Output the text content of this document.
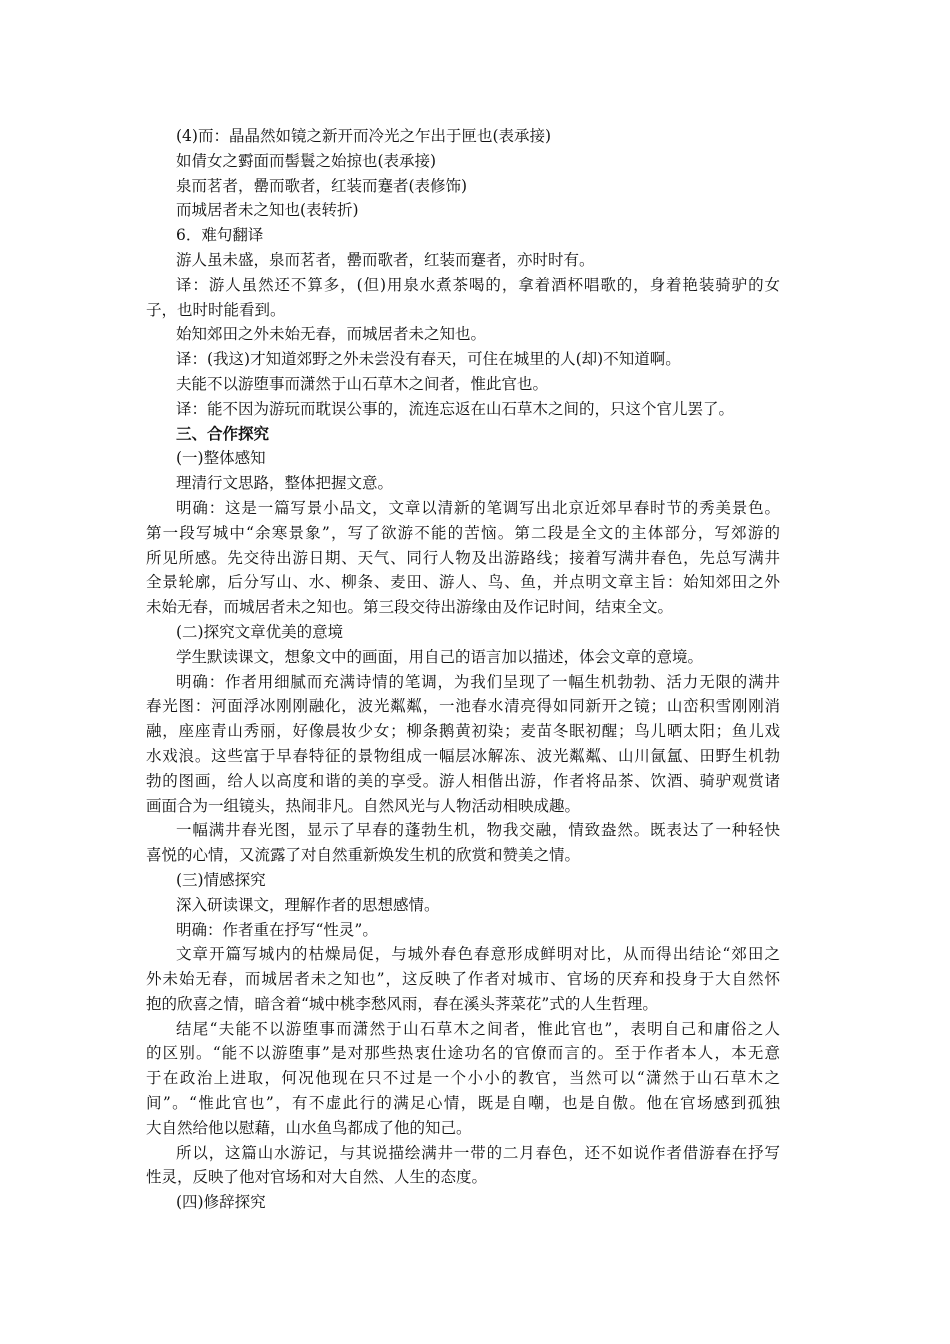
(4)而：晶晶然如镜之新开而冷光之乍出于匣也(表承接)

如倩女之䨴面而髻鬟之始掠也(表承接)

泉而茗者，罍而歌者，红装而蹇者(表修饰)

而城居者未之知也(表转折)

6．难句翻译

游人虽未盛，泉而茗者，罍而歌者，红装而蹇者，亦时时有。

译：游人虽然还不算多，(但)用泉水煮茶喝的，拿着酒杯唱歌的，身着艳装骑驴的女

子，也时时能看到。

始知郊田之外未始无春，而城居者未之知也。

译：(我这)才知道郊野之外未尝没有春天，可住在城里的人(却)不知道啊。

夫能不以游堕事而潇然于山石草木之间者，惟此官也。

译：能不因为游玩而耽误公事的，流连忘返在山石草木之间的，只这个官儿罢了。

三、合作探究

(一)整体感知

理清行文思路，整体把握文意。

明确：这是一篇写景小品文，文章以清新的笔调写出北京近郊早春时节的秀美景色。

第一段写城中“余寒景象”，写了欲游不能的苦恼。第二段是全文的主体部分，写郊游的

所见所感。先交待出游日期、天气、同行人物及出游路线；接着写满井春色，先总写满井

全景轮廓，后分写山、水、柳条、麦田、游人、鸟、鱼，并点明文章主旨：始知郊田之外

未始无春，而城居者未之知也。第三段交待出游缘由及作记时间，结束全文。

(二)探究文章优美的意境

学生默读课文，想象文中的画面，用自己的语言加以描述，体会文章的意境。

明确：作者用细腻而充满诗情的笔调，为我们呈现了一幅生机勃勃、活力无限的满井

春光图：河面浮冰刚刚融化，波光粼粼，一池春水清亮得如同新开之镜；山峦积雪刚刚消

融，座座青山秀丽，好像晨妆少女；柳条鹅黄初染；麦苗冬眠初醒；鸟儿晒太阳；鱼儿戏

水戏浪。这些富于早春特征的景物组成一幅层冰解冻、波光粼粼、山川氤氲、田野生机勃

勃的图画，给人以高度和谐的美的享受。游人相偕出游，作者将品茶、饮酒、骑驴观赏诸

画面合为一组镜头，热闹非凡。自然风光与人物活动相映成趣。

一幅满井春光图，显示了早春的蓬勃生机，物我交融，情致盎然。既表达了一种轻快

喜悦的心情，又流露了对自然重新焕发生机的欣赏和赞美之情。

(三)情感探究

深入研读课文，理解作者的思想感情。

明确：作者重在抒写“性灵”。

文章开篇写城内的枯燥局促，与城外春色春意形成鲜明对比，从而得出结论“郊田之

外未始无春，而城居者未之知也”，这反映了作者对城市、官场的厌弃和投身于大自然怀

抱的欣喜之情，暗含着“城中桃李愁风雨，春在溪头荠菜花”式的人生哲理。

结尾“夫能不以游堕事而潇然于山石草木之间者，惟此官也”，表明自己和庸俗之人

的区别。“能不以游堕事”是对那些热衷仕途功名的官僚而言的。至于作者本人，本无意

于在政治上进取，何况他现在只不过是一个小小的教官，当然可以“潇然于山石草木之

间”。“惟此官也”，有不虚此行的满足心情，既是自嘲，也是自傲。他在官场感到孤独

大自然给他以慰藉，山水鱼鸟都成了他的知己。

所以，这篇山水游记，与其说描绘满井一带的二月春色，还不如说作者借游春在抒写

性灵，反映了他对官场和对大自然、人生的态度。

(四)修辞探究
